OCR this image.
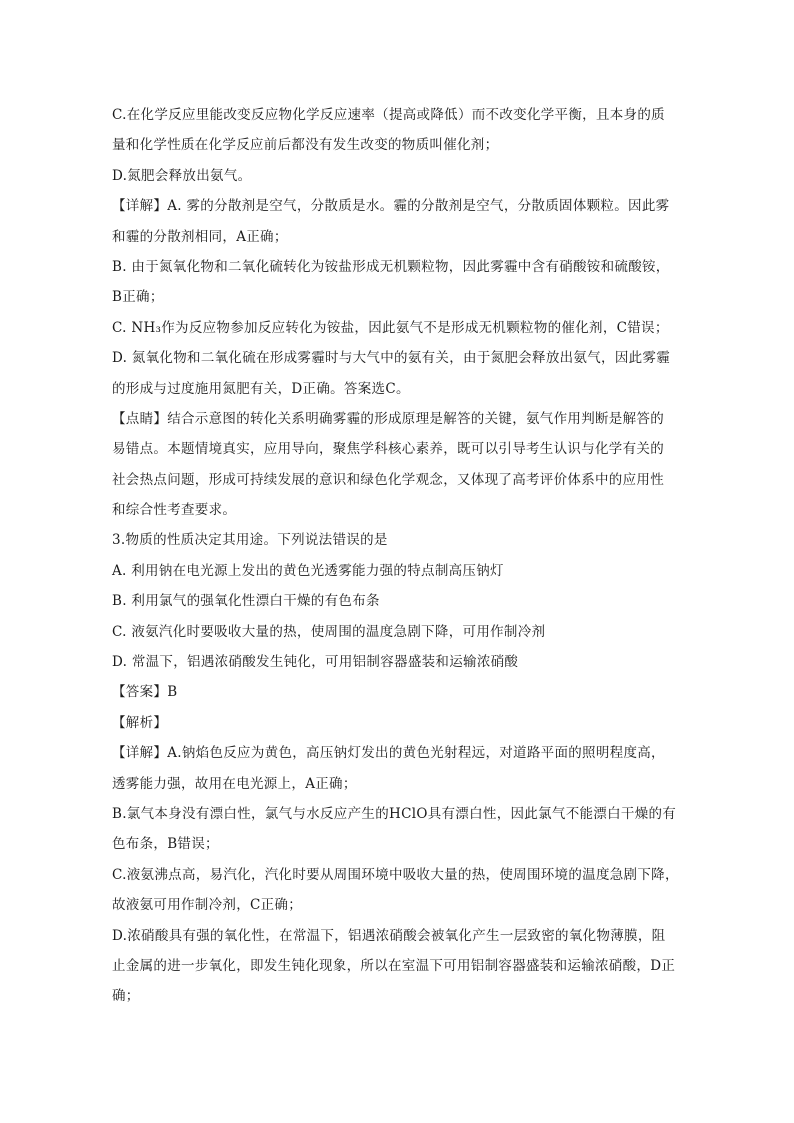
C.在化学反应里能改变反应物化学反应速率（提高或降低）而不改变化学平衡，且本身的质
量和化学性质在化学反应前后都没有发生改变的物质叫催化剂；
D.氮肥会释放出氨气。
【详解】A. 雾的分散剂是空气，分散质是水。霾的分散剂是空气，分散质固体颗粒。因此雾
和霾的分散剂相同，A正确；
B. 由于氮氧化物和二氧化硫转化为铵盐形成无机颗粒物，因此雾霾中含有硝酸铵和硫酸铵，
B正确；
C. NH₃作为反应物参加反应转化为铵盐，因此氨气不是形成无机颗粒物的催化剂，C错误；
D. 氮氧化物和二氧化硫在形成雾霾时与大气中的氨有关，由于氮肥会释放出氨气，因此雾霾
的形成与过度施用氮肥有关，D正确。答案选C。
【点睛】结合示意图的转化关系明确雾霾的形成原理是解答的关键，氨气作用判断是解答的
易错点。本题情境真实，应用导向，聚焦学科核心素养，既可以引导考生认识与化学有关的
社会热点问题，形成可持续发展的意识和绿色化学观念，又体现了高考评价体系中的应用性
和综合性考查要求。
3.物质的性质决定其用途。下列说法错误的是
A. 利用钠在电光源上发出的黄色光透雾能力强的特点制高压钠灯
B. 利用氯气的强氧化性漂白干燥的有色布条
C. 液氨汽化时要吸收大量的热，使周围的温度急剧下降，可用作制冷剂
D. 常温下，铝遇浓硝酸发生钝化，可用铝制容器盛装和运输浓硝酸
【答案】B
【解析】
【详解】A.钠焰色反应为黄色，高压钠灯发出的黄色光射程远，对道路平面的照明程度高，
透雾能力强，故用在电光源上，A正确；
B.氯气本身没有漂白性，氯气与水反应产生的HClO具有漂白性，因此氯气不能漂白干燥的有
色布条，B错误；
C.液氨沸点高，易汽化，汽化时要从周围环境中吸收大量的热，使周围环境的温度急剧下降，
故液氨可用作制冷剂，C正确；
D.浓硝酸具有强的氧化性，在常温下，铝遇浓硝酸会被氧化产生一层致密的氧化物薄膜，阻
止金属的进一步氧化，即发生钝化现象，所以在室温下可用铝制容器盛装和运输浓硝酸，D正
确；
